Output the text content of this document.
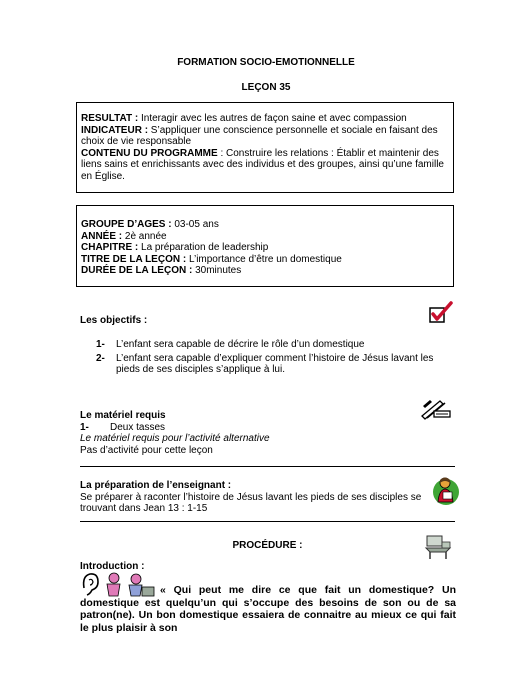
FORMATION SOCIO-EMOTIONNELLE
LEÇON 35
RESULTAT : Interagir avec les autres de façon saine et avec compassion
INDICATEUR : S’appliquer une conscience personnelle et sociale en faisant des choix de vie responsable
CONTENU DU PROGRAMME : Construire les relations : Établir et maintenir des liens sains et enrichissants avec des individus et des groupes, ainsi qu’une famille en Église.
GROUPE D’AGES : 03-05 ans
ANNÉE : 2è année
CHAPITRE : La préparation de leadership
TITRE DE LA LEÇON : L’importance d’être un domestique
DURÉE DE LA LEÇON : 30minutes
Les objectifs :
1- L’enfant sera capable de décrire le rôle d’un domestique
2- L’enfant sera capable d’expliquer comment l’histoire de Jésus lavant les pieds de ses disciples s’applique à lui.
Le matériel requis
1- Deux tasses
Le matériel requis pour l’activité alternative
Pas d’activité pour cette leçon
La préparation de l’enseignant :
Se préparer à raconter l’histoire de Jésus lavant les pieds de ses disciples se trouvant dans Jean 13 : 1-15
PROCÉDURE :
Introduction :
« Qui peut me dire ce que fait un domestique? Un domestique est quelqu’un qui s’occupe des besoins de son ou de sa patron(ne). Un bon domestique essaiera de connaitre au mieux ce qui fait le plus plaisir à son
